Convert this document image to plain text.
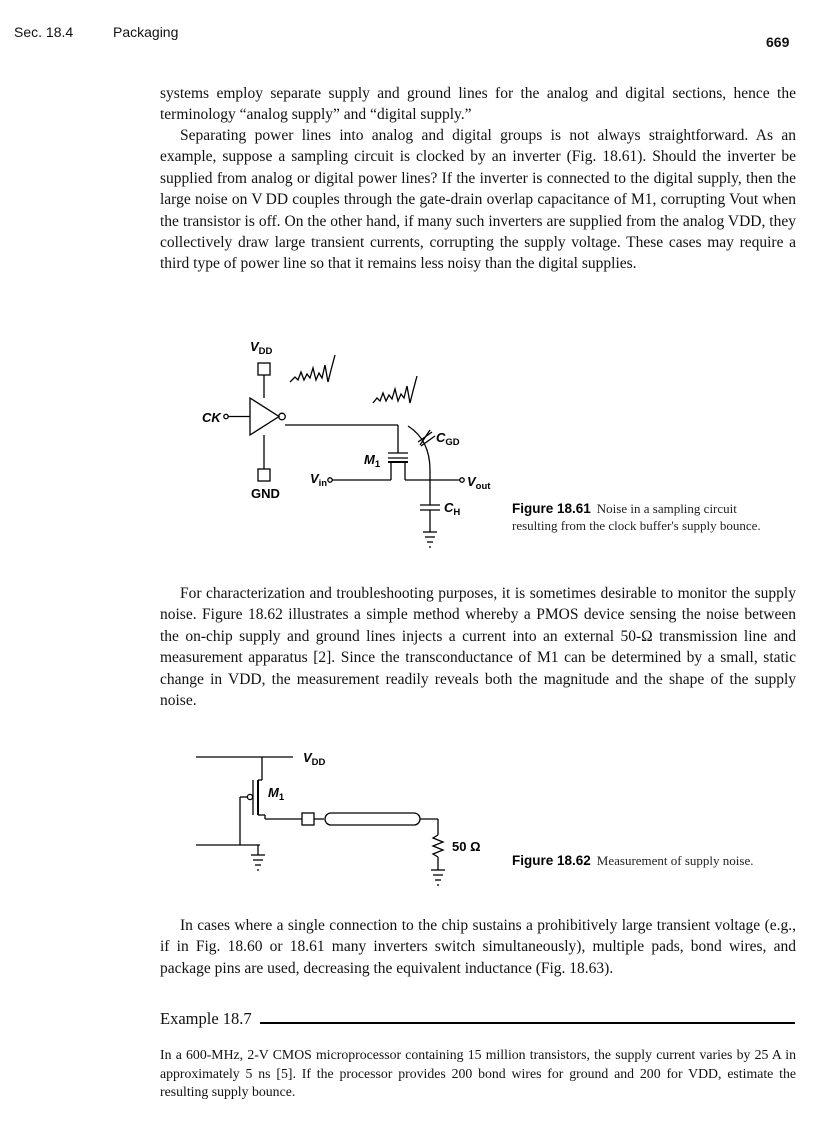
Sec. 18.4	Packaging
669

systems employ separate supply and ground lines for the analog and digital sections, hence the terminology “analog supply” and “digital supply.”

Separating power lines into analog and digital groups is not always straightforward. As an example, suppose a sampling circuit is clocked by an inverter (Fig. 18.61). Should the inverter be supplied from analog or digital power lines? If the inverter is connected to the digital supply, then the large noise on V DD couples through the gate-drain overlap capacitance of M1, corrupting Vout when the transistor is off. On the other hand, if many such inverters are supplied from the analog VDD, they collectively draw large transient currents, corrupting the supply voltage. These cases may require a third type of power line so that it remains less noisy than the digital supplies.

$V_{DD}$
CK
GND
$M_1$
$C_{GD}$
$V_{in}$	$V_{out}$
$C_H$
$V_{DD}$
$M_1$
50 Ω
Figure 18.61 Noise in a sampling circuit resulting from the clock buffer's supply bounce.

For characterization and troubleshooting purposes, it is sometimes desirable to monitor the supply noise. Figure 18.62 illustrates a simple method whereby a PMOS device sensing the noise between the on-chip supply and ground lines injects a current into an external 50-Ω transmission line and measurement apparatus [2]. Since the transconductance of M1 can be determined by a small, static change in VDD, the measurement readily reveals both the magnitude and the shape of the supply noise.

Figure 18.62 Measurement of supply noise.

In cases where a single connection to the chip sustains a prohibitively large transient voltage (e.g., if in Fig. 18.60 or 18.61 many inverters switch simultaneously), multiple pads, bond wires, and package pins are used, decreasing the equivalent inductance (Fig. 18.63).

Example 18.7

In a 600-MHz, 2-V CMOS microprocessor containing 15 million transistors, the supply current varies by 25 A in approximately 5 ns [5]. If the processor provides 200 bond wires for ground and 200 for VDD, estimate the resulting supply bounce.
